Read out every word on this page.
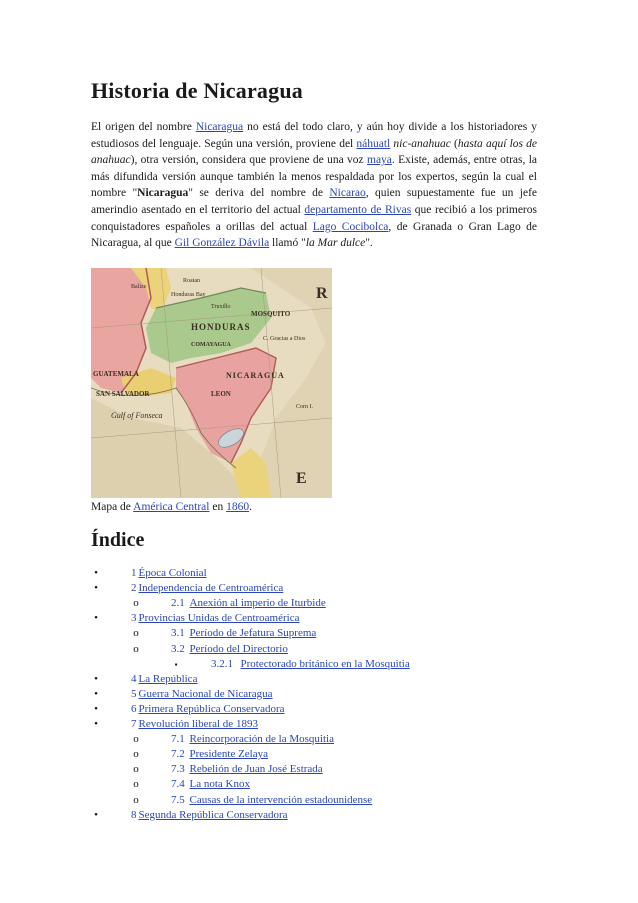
Historia de Nicaragua

El origen del nombre Nicaragua no está del todo claro, y aún hoy divide a los historiadores y estudiosos del lenguaje. Según una versión, proviene del náhuatl nic-anahuac (hasta aquí los de anahuac), otra versión, considera que proviene de una voz maya. Existe, además, entre otras, la más difundida versión aunque también la menos respaldada por los expertos, según la cual el nombre "Nicaragua" se deriva del nombre de Nicarao, quien supuestamente fue un jefe amerindio asentado en el territorio del actual departamento de Rivas que recibió a los primeros conquistadores españoles a orillas del actual Lago Cocibolca, de Granada o Gran Lago de Nicaragua, al que Gil González Dávila llamó "la Mar dulce".

R
Roatan
Honduras Bay
Balize
Truxillo
HONDURAS
COMAYAGUA
MOSQUITO
C. Gracias a Dios
GUATEMALA
SAN SALVADOR
Gulf of Fonseca
LEON
NICARAGUA
Corn I.
E

Mapa de América Central en 1860.

Índice
•	1 Época Colonial
•	2 Independencia de Centroamérica
o	2.1 Anexión al imperio de Iturbide
•	3 Provincias Unidas de Centroamérica
o	3.1 Período de Jefatura Suprema
o	3.2 Período del Directorio
▪	3.2.1 Protectorado británico en la Mosquitia
•	4 La República
•	5 Guerra Nacional de Nicaragua
•	6 Primera República Conservadora
•	7 Revolución liberal de 1893
o	7.1 Reincorporación de la Mosquitia
o	7.2 Presidente Zelaya
o	7.3 Rebelión de Juan José Estrada
o	7.4 La nota Knox
o	7.5 Causas de la intervención estadounidense
•	8 Segunda República Conservadora
